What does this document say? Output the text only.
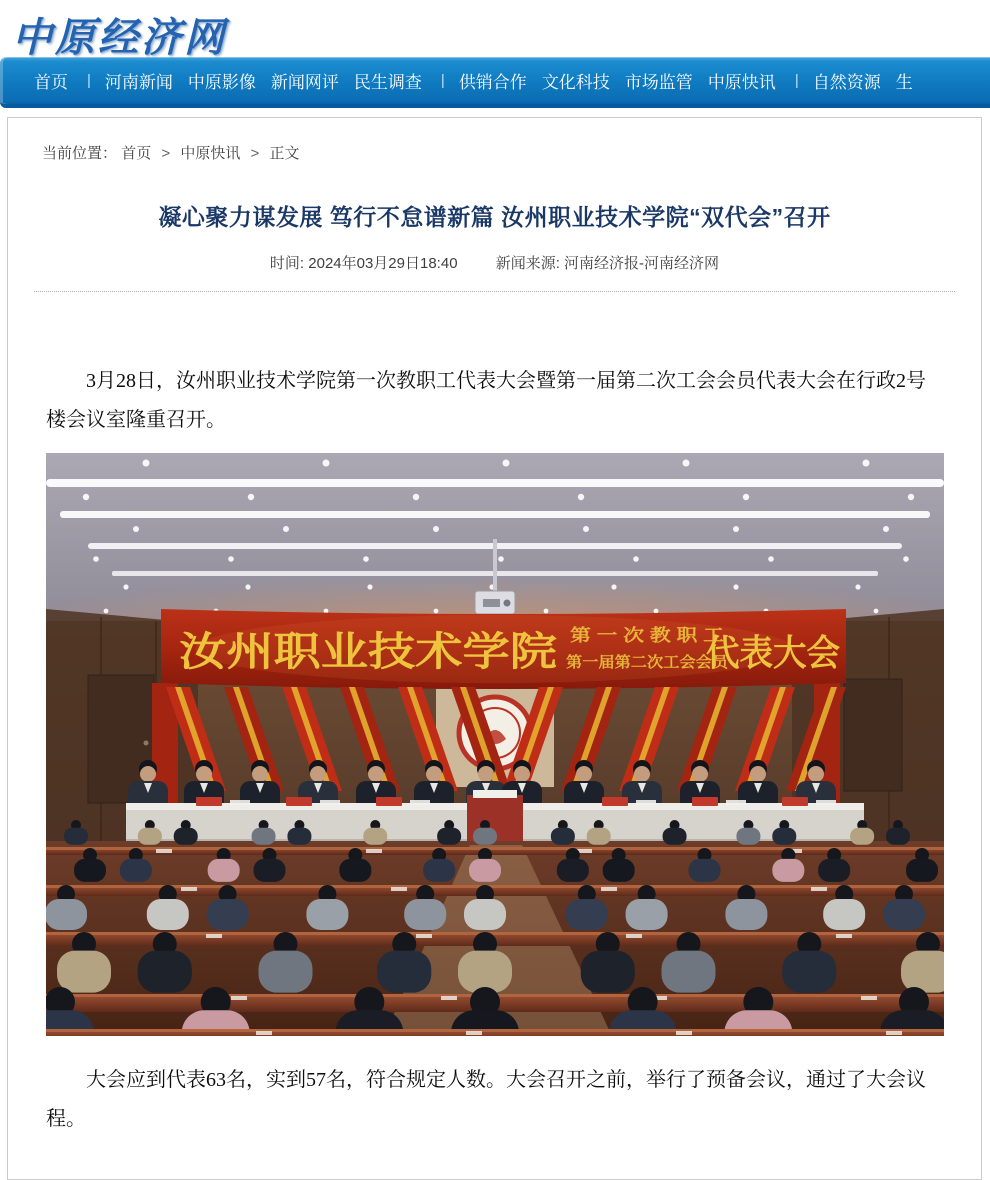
中原经济网
首页 | 河南新闻 中原影像 新闻网评 民生调查 | 供销合作 文化科技 市场监管 中原快讯 | 自然资源 生
当前位置： 首页 > 中原快讯 > 正文
凝心聚力谋发展 笃行不怠谱新篇 汝州职业技术学院“双代会”召开
时间: 2024年03月29日18:40	新闻来源: 河南经济报-河南经济网

3月28日，汝州职业技术学院第一次教职工代表大会暨第一届第二次工会会员代表大会在行政2号楼会议室隆重召开。

汝州职业技术学院 第 一 次 教 职 工
第一届第二次工会会员
代表大会

大会应到代表63名，实到57名，符合规定人数。大会召开之前，举行了预备会议，通过了大会议程。
